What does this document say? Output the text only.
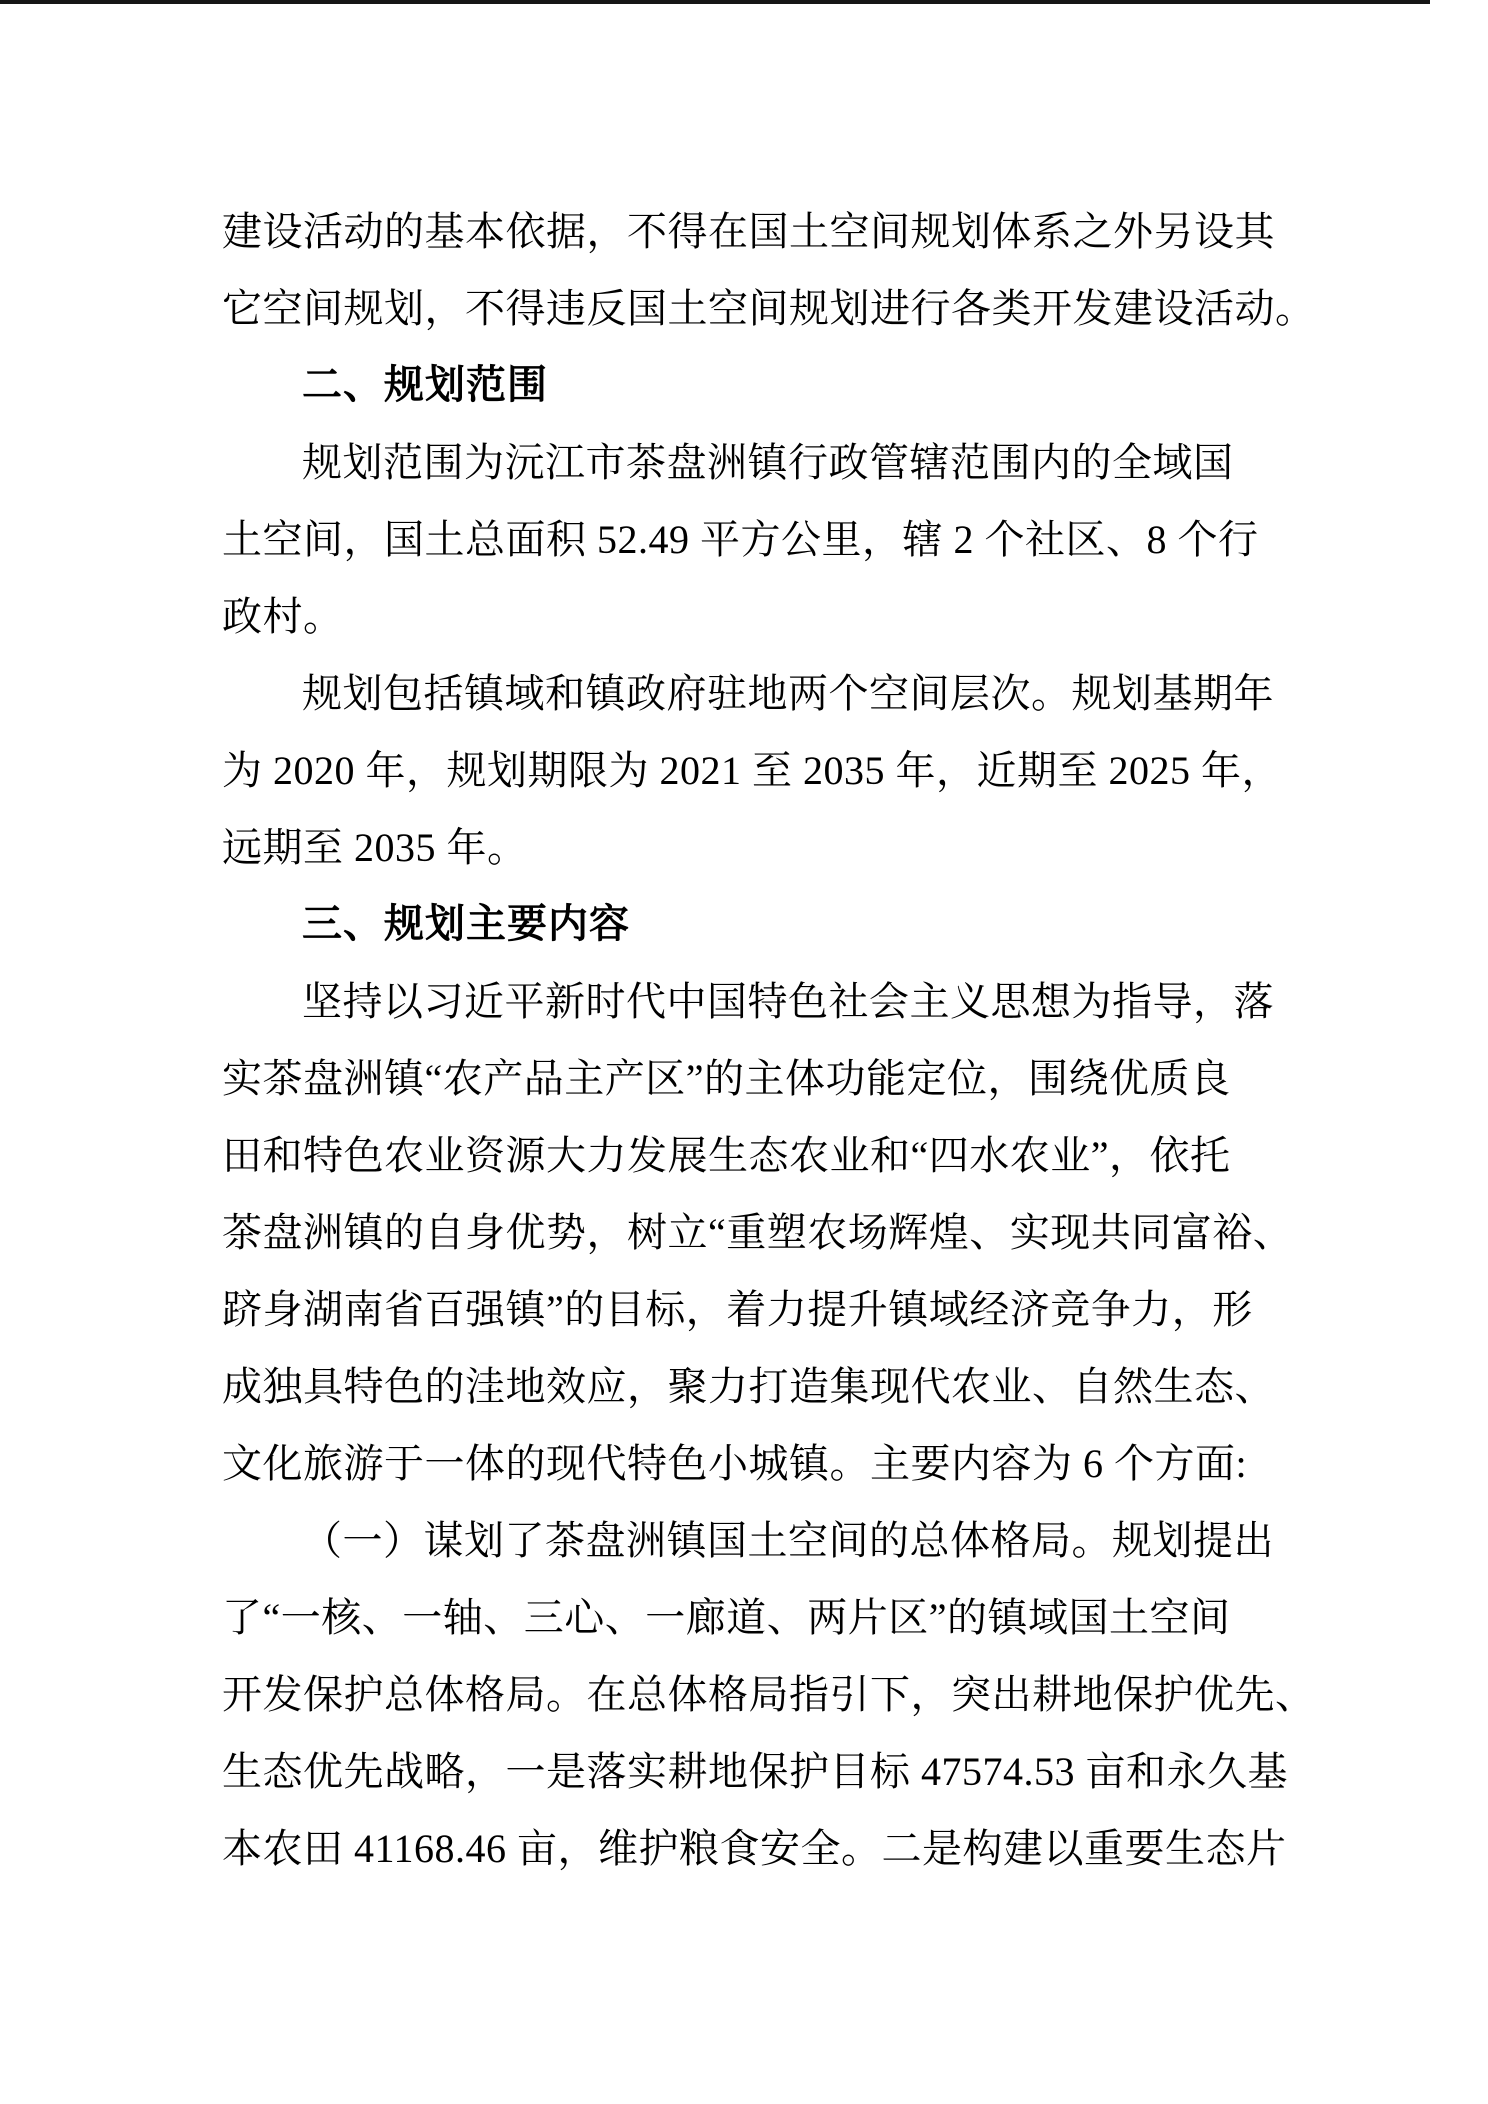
建设活动的基本依据，不得在国土空间规划体系之外另设其
它空间规划，不得违反国土空间规划进行各类开发建设活动。
二、规划范围
规划范围为沅江市茶盘洲镇行政管辖范围内的全域国
土空间，国土总面积 52.49 平方公里，辖 2 个社区、8 个行
政村。
规划包括镇域和镇政府驻地两个空间层次。规划基期年
为 2020 年，规划期限为 2021 至 2035 年，近期至 2025 年，
远期至 2035 年。
三、规划主要内容
坚持以习近平新时代中国特色社会主义思想为指导，落
实茶盘洲镇“农产品主产区”的主体功能定位，围绕优质良
田和特色农业资源大力发展生态农业和“四水农业”，依托
茶盘洲镇的自身优势，树立“重塑农场辉煌、实现共同富裕、
跻身湖南省百强镇”的目标，着力提升镇域经济竞争力，形
成独具特色的洼地效应，聚力打造集现代农业、自然生态、
文化旅游于一体的现代特色小城镇。主要内容为 6 个方面:
（一）谋划了茶盘洲镇国土空间的总体格局。规划提出
了“一核、一轴、三心、一廊道、两片区”的镇域国土空间
开发保护总体格局。在总体格局指引下，突出耕地保护优先、
生态优先战略，一是落实耕地保护目标 47574.53 亩和永久基
本农田 41168.46 亩，维护粮食安全。二是构建以重要生态片
